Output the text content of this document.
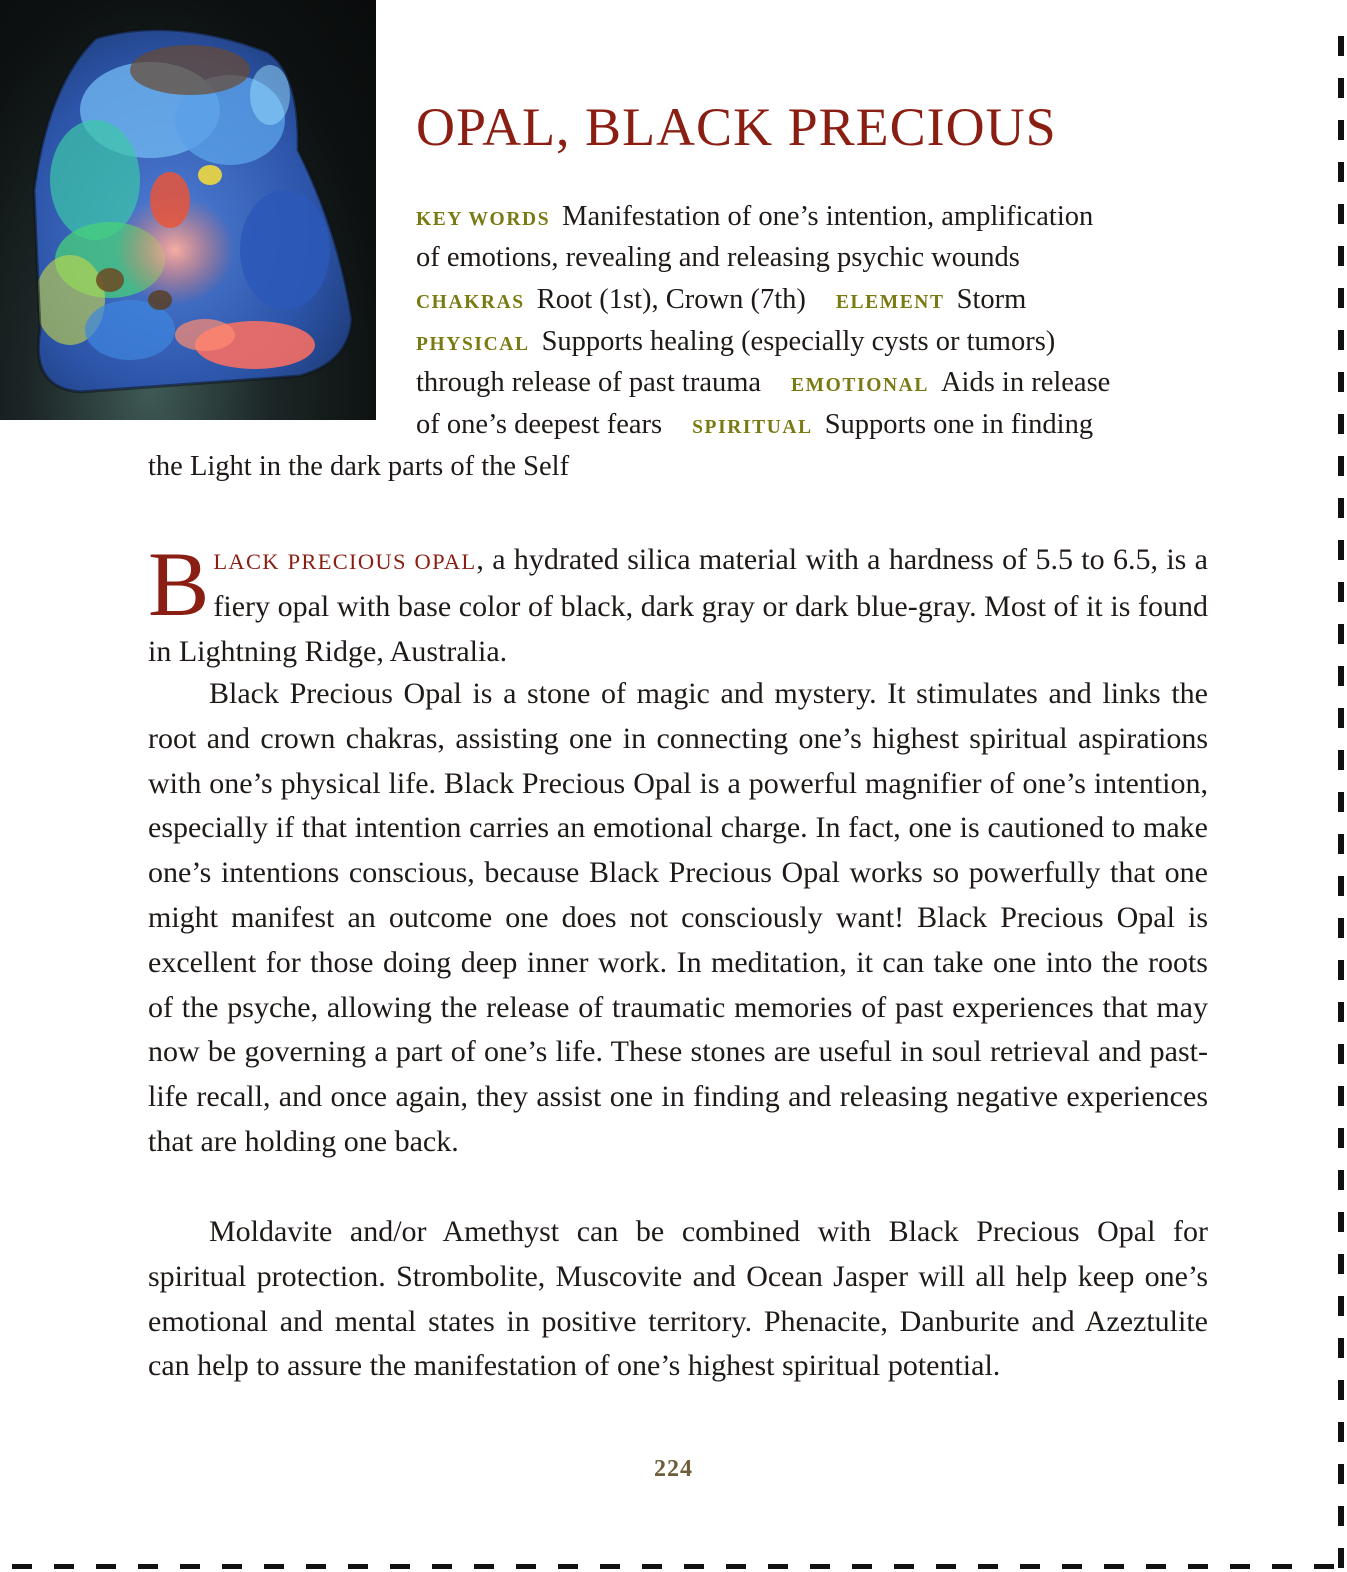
OPAL, BLACK PRECIOUS
KEY WORDS Manifestation of one’s intention, amplification
of emotions, revealing and releasing psychic wounds
CHAKRAS Root (1st), Crown (7th) ELEMENT Storm
PHYSICAL Supports healing (especially cysts or tumors)
through release of past trauma EMOTIONAL Aids in release
of one’s deepest fears SPIRITUAL Supports one in finding
the Light in the dark parts of the Self

BLACK PRECIOUS OPAL, a hydrated silica material with a hardness of 5.5 to 6.5, is a fiery opal with base color of black, dark gray or dark blue-gray. Most of it is found in Lightning Ridge, Australia.

Black Precious Opal is a stone of magic and mystery. It stimulates and links the root and crown chakras, assisting one in connecting one’s highest spiritual aspirations with one’s physical life. Black Precious Opal is a powerful magnifier of one’s intention, especially if that intention carries an emotional charge. In fact, one is cautioned to make one’s intentions conscious, because Black Precious Opal works so powerfully that one might manifest an outcome one does not consciously want! Black Precious Opal is excellent for those doing deep inner work. In meditation, it can take one into the roots of the psyche, allowing the release of traumatic memories of past experiences that may now be governing a part of one’s life. These stones are useful in soul retrieval and past-life recall, and once again, they assist one in finding and releasing negative experiences that are holding one back.

Moldavite and/or Amethyst can be combined with Black Precious Opal for spiritual protection. Strombolite, Muscovite and Ocean Jasper will all help keep one’s emotional and mental states in positive territory. Phenacite, Danburite and Azeztulite can help to assure the manifestation of one’s highest spiritual potential.

224
